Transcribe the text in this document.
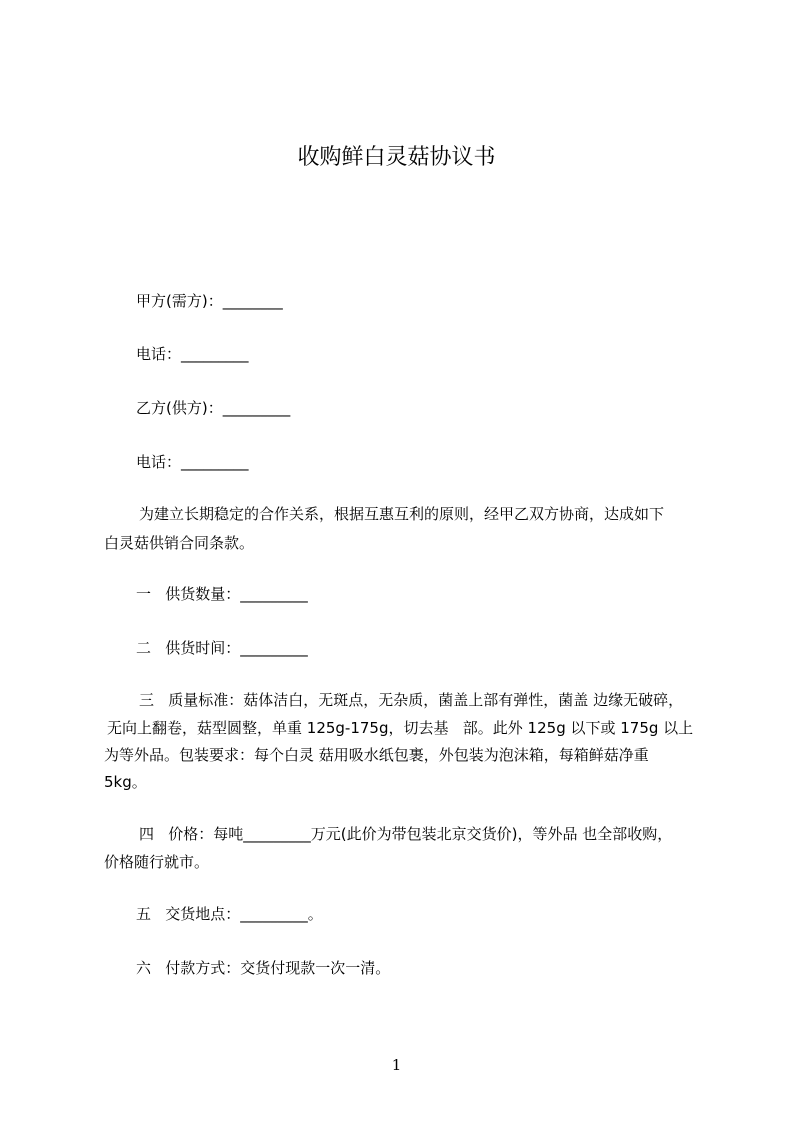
收购鲜白灵菇协议书
甲方(需方)：________
电话：_________
乙方(供方)：_________
电话：_________
为建立长期稳定的合作关系，根据互惠互利的原则，经甲乙双方协商，达成如下
白灵菇供销合同条款。
一   供货数量：_________
二   供货时间：_________
三   质量标准：菇体洁白，无斑点，无杂质，菌盖上部有弹性，菌盖 边缘无破碎，
无向上翻卷，菇型圆整，单重 125g-175g，切去基   部。此外 125g 以下或 175g 以上
为等外品。包装要求：每个白灵 菇用吸水纸包裹，外包装为泡沫箱，每箱鲜菇净重
5kg。
四   价格：每吨_________万元(此价为带包装北京交货价)，等外品 也全部收购，
价格随行就市。
五   交货地点：_________。
六   付款方式：交货付现款一次一清。
1
